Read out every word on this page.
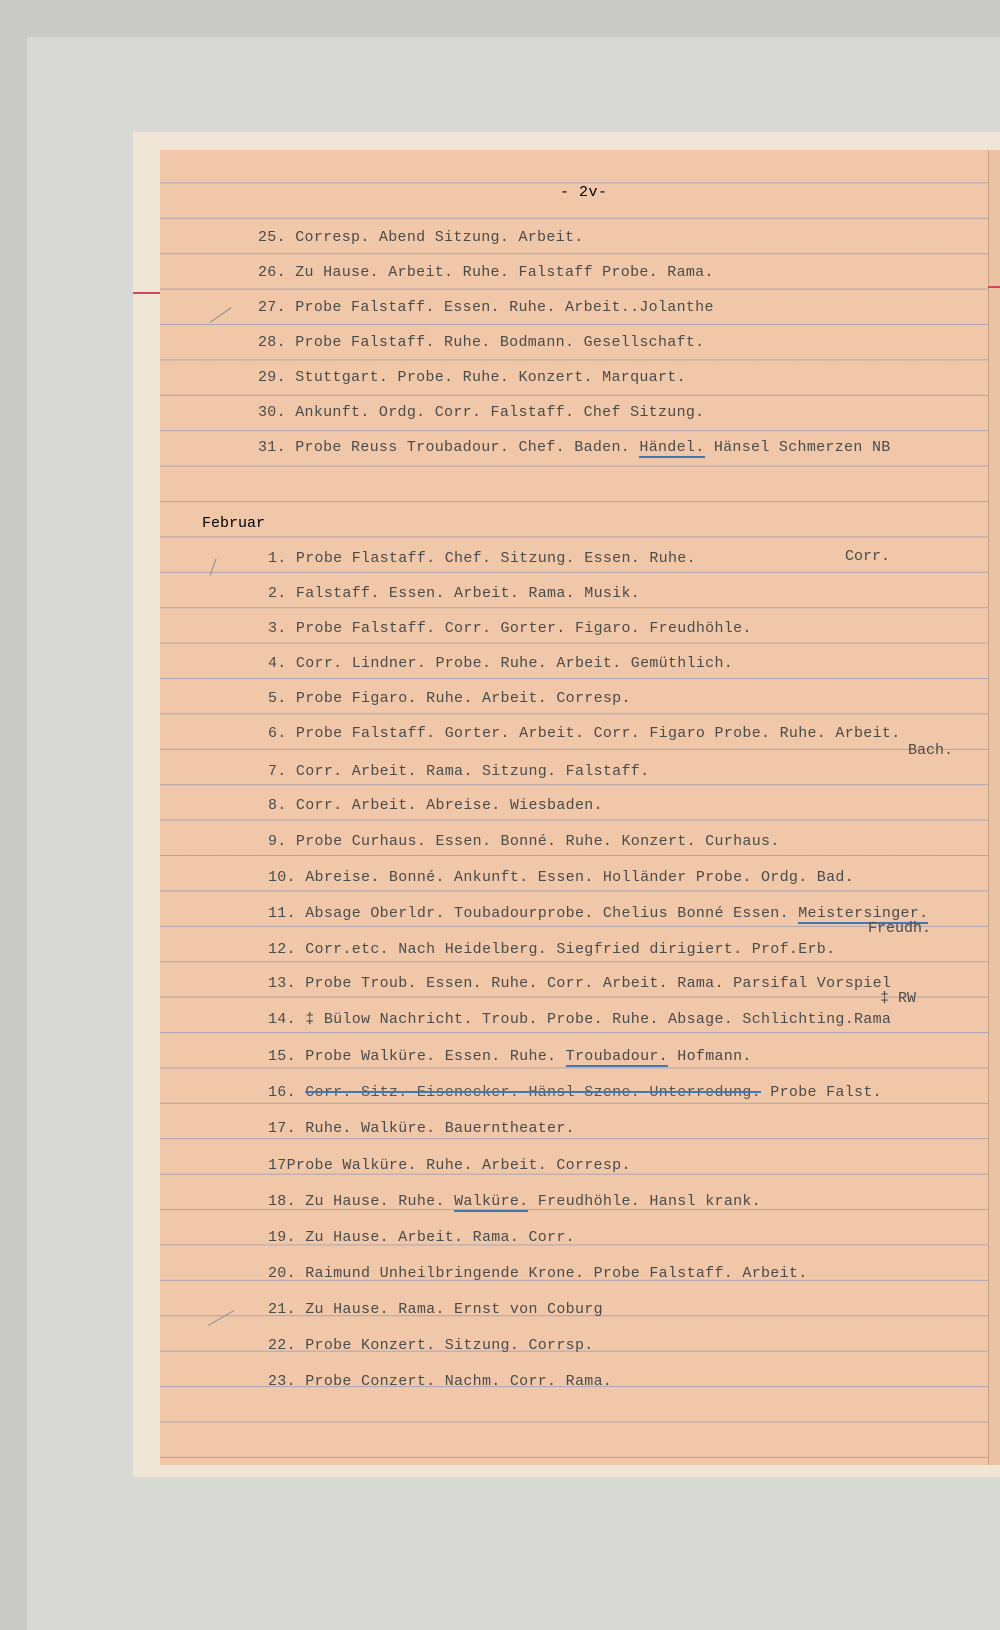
- 2v-
25. Corresp. Abend Sitzung. Arbeit.
26. Zu Hause. Arbeit. Ruhe. Falstaff Probe. Rama.
27. Probe Falstaff. Essen. Ruhe. Arbeit..Jolanthe
28. Probe Falstaff. Ruhe. Bodmann. Gesellschaft.
29. Stuttgart. Probe. Ruhe. Konzert. Marquart.
30. Ankunft. Ordg. Corr. Falstaff. Chef Sitzung.
31. Probe Reuss Troubadour. Chef. Baden. Händel. Hänsel Schmerzen NB
Februar
1. Probe Flastaff. Chef. Sitzung. Essen. Ruhe.	Corr.
2. Falstaff. Essen. Arbeit. Rama. Musik.
3. Probe Falstaff. Corr. Gorter. Figaro. Freudhöhle.
4. Corr. Lindner. Probe. Ruhe. Arbeit. Gemüthlich.
5. Probe Figaro. Ruhe. Arbeit. Corresp.
6. Probe Falstaff. Gorter. Arbeit. Corr. Figaro Probe. Ruhe. Arbeit.
Bach.
7. Corr. Arbeit. Rama. Sitzung. Falstaff.
8. Corr. Arbeit. Abreise. Wiesbaden.
9. Probe Curhaus. Essen. Bonné. Ruhe. Konzert. Curhaus.
10. Abreise. Bonné. Ankunft. Essen. Holländer Probe. Ordg. Bad.
11. Absage Oberldr. Toubadourprobe. Chelius Bonné Essen. Meistersinger.
Freudh.
12. Corr.etc. Nach Heidelberg. Siegfried dirigiert. Prof.Erb.
13. Probe Troub. Essen. Ruhe. Corr. Arbeit. Rama. Parsifal Vorspiel
‡ RW
14. ‡ Bülow Nachricht. Troub. Probe. Ruhe. Absage. Schlichting.Rama
15. Probe Walküre. Essen. Ruhe. Troubadour. Hofmann.
16. Corr. Sitz. Eisenecker. Hänsl Szene. Unterredung. Probe Falst.
17. Ruhe. Walküre. Bauerntheater.
17Probe Walküre. Ruhe. Arbeit. Corresp.
18. Zu Hause. Ruhe. Walküre. Freudhöhle. Hansl krank.
19. Zu Hause. Arbeit. Rama. Corr.
20. Raimund Unheilbringende Krone. Probe Falstaff. Arbeit.
21. Zu Hause. Rama. Ernst von Coburg
22. Probe Konzert. Sitzung. Corrsp.
23. Probe Conzert. Nachm. Corr. Rama.
